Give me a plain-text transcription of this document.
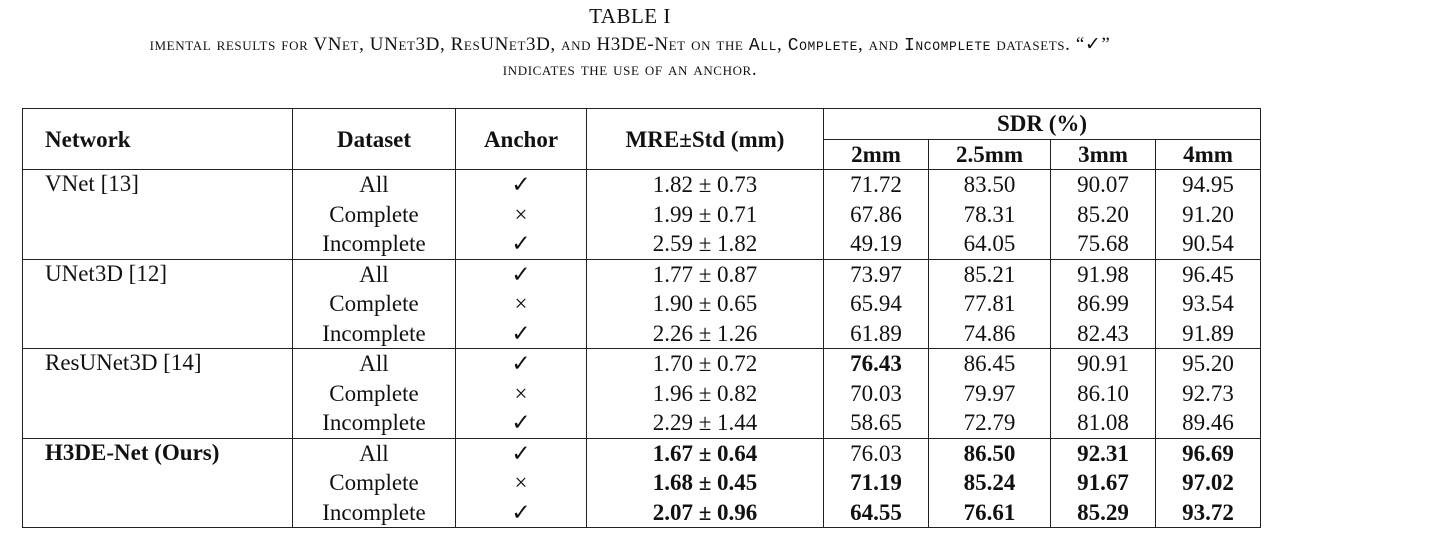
TABLE I
imental results for VNet, UNet3D, ResUNet3D, and H3DE-Net on the All, Complete, and Incomplete datasets. “✓”
indicates the use of an anchor.
Network	Dataset	Anchor	MRE±Std (mm)	SDR (%)			
				2mm	2.5mm	3mm	4mm
VNet [13]	All	✓	1.82 ± 0.73	71.72	83.50	90.07	94.95
	Complete	×	1.99 ± 0.71	67.86	78.31	85.20	91.20
	Incomplete	✓	2.59 ± 1.82	49.19	64.05	75.68	90.54
UNet3D [12]	All	✓	1.77 ± 0.87	73.97	85.21	91.98	96.45
	Complete	×	1.90 ± 0.65	65.94	77.81	86.99	93.54
	Incomplete	✓	2.26 ± 1.26	61.89	74.86	82.43	91.89
ResUNet3D [14]	All	✓	1.70 ± 0.72	76.43	86.45	90.91	95.20
	Complete	×	1.96 ± 0.82	70.03	79.97	86.10	92.73
	Incomplete	✓	2.29 ± 1.44	58.65	72.79	81.08	89.46
H3DE-Net (Ours)	All	✓	1.67 ± 0.64	76.03	86.50	92.31	96.69
	Complete	×	1.68 ± 0.45	71.19	85.24	91.67	97.02
	Incomplete	✓	2.07 ± 0.96	64.55	76.61	85.29	93.72
